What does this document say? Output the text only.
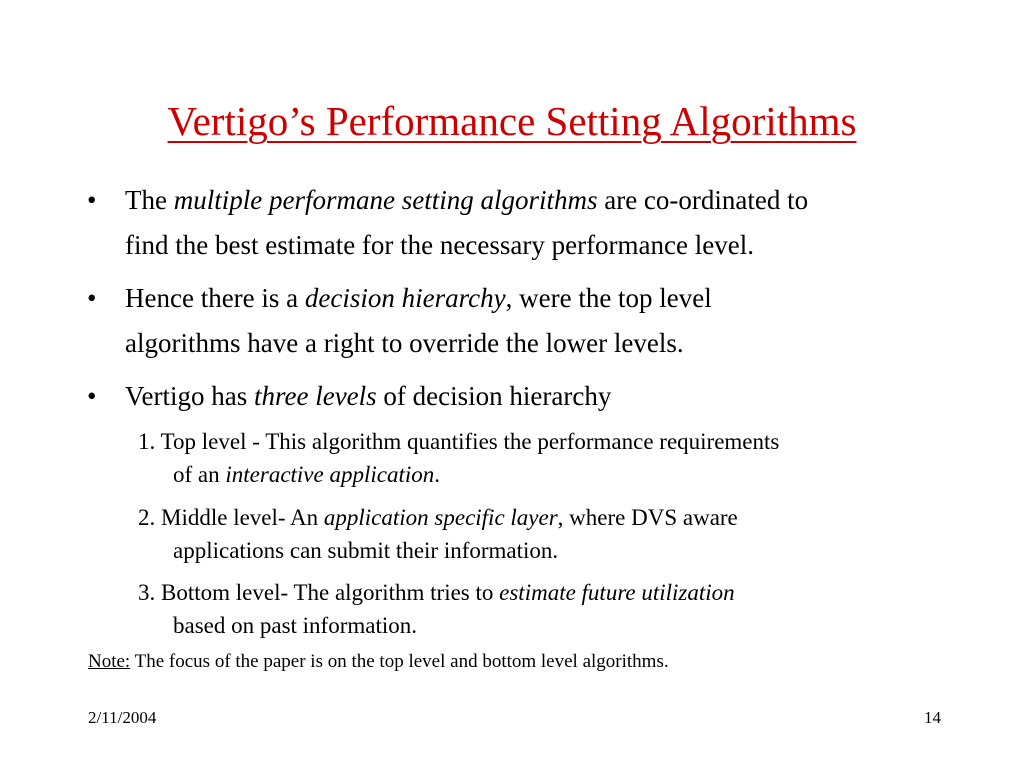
Vertigo’s Performance Setting Algorithms
•	The multiple performane setting algorithms are co-ordinated to
find the best estimate for the necessary performance level.
•	Hence there is a decision hierarchy, were the top level
algorithms have a right to override the lower levels.
•	Vertigo has three levels of decision hierarchy
1. Top level - This algorithm quantifies the performance requirements
of an interactive application.
2. Middle level- An application specific layer, where DVS aware
applications can submit their information.
3. Bottom level- The algorithm tries to estimate future utilization
based on past information.
Note: The focus of the paper is on the top level and bottom level algorithms.
2/11/2004	14
